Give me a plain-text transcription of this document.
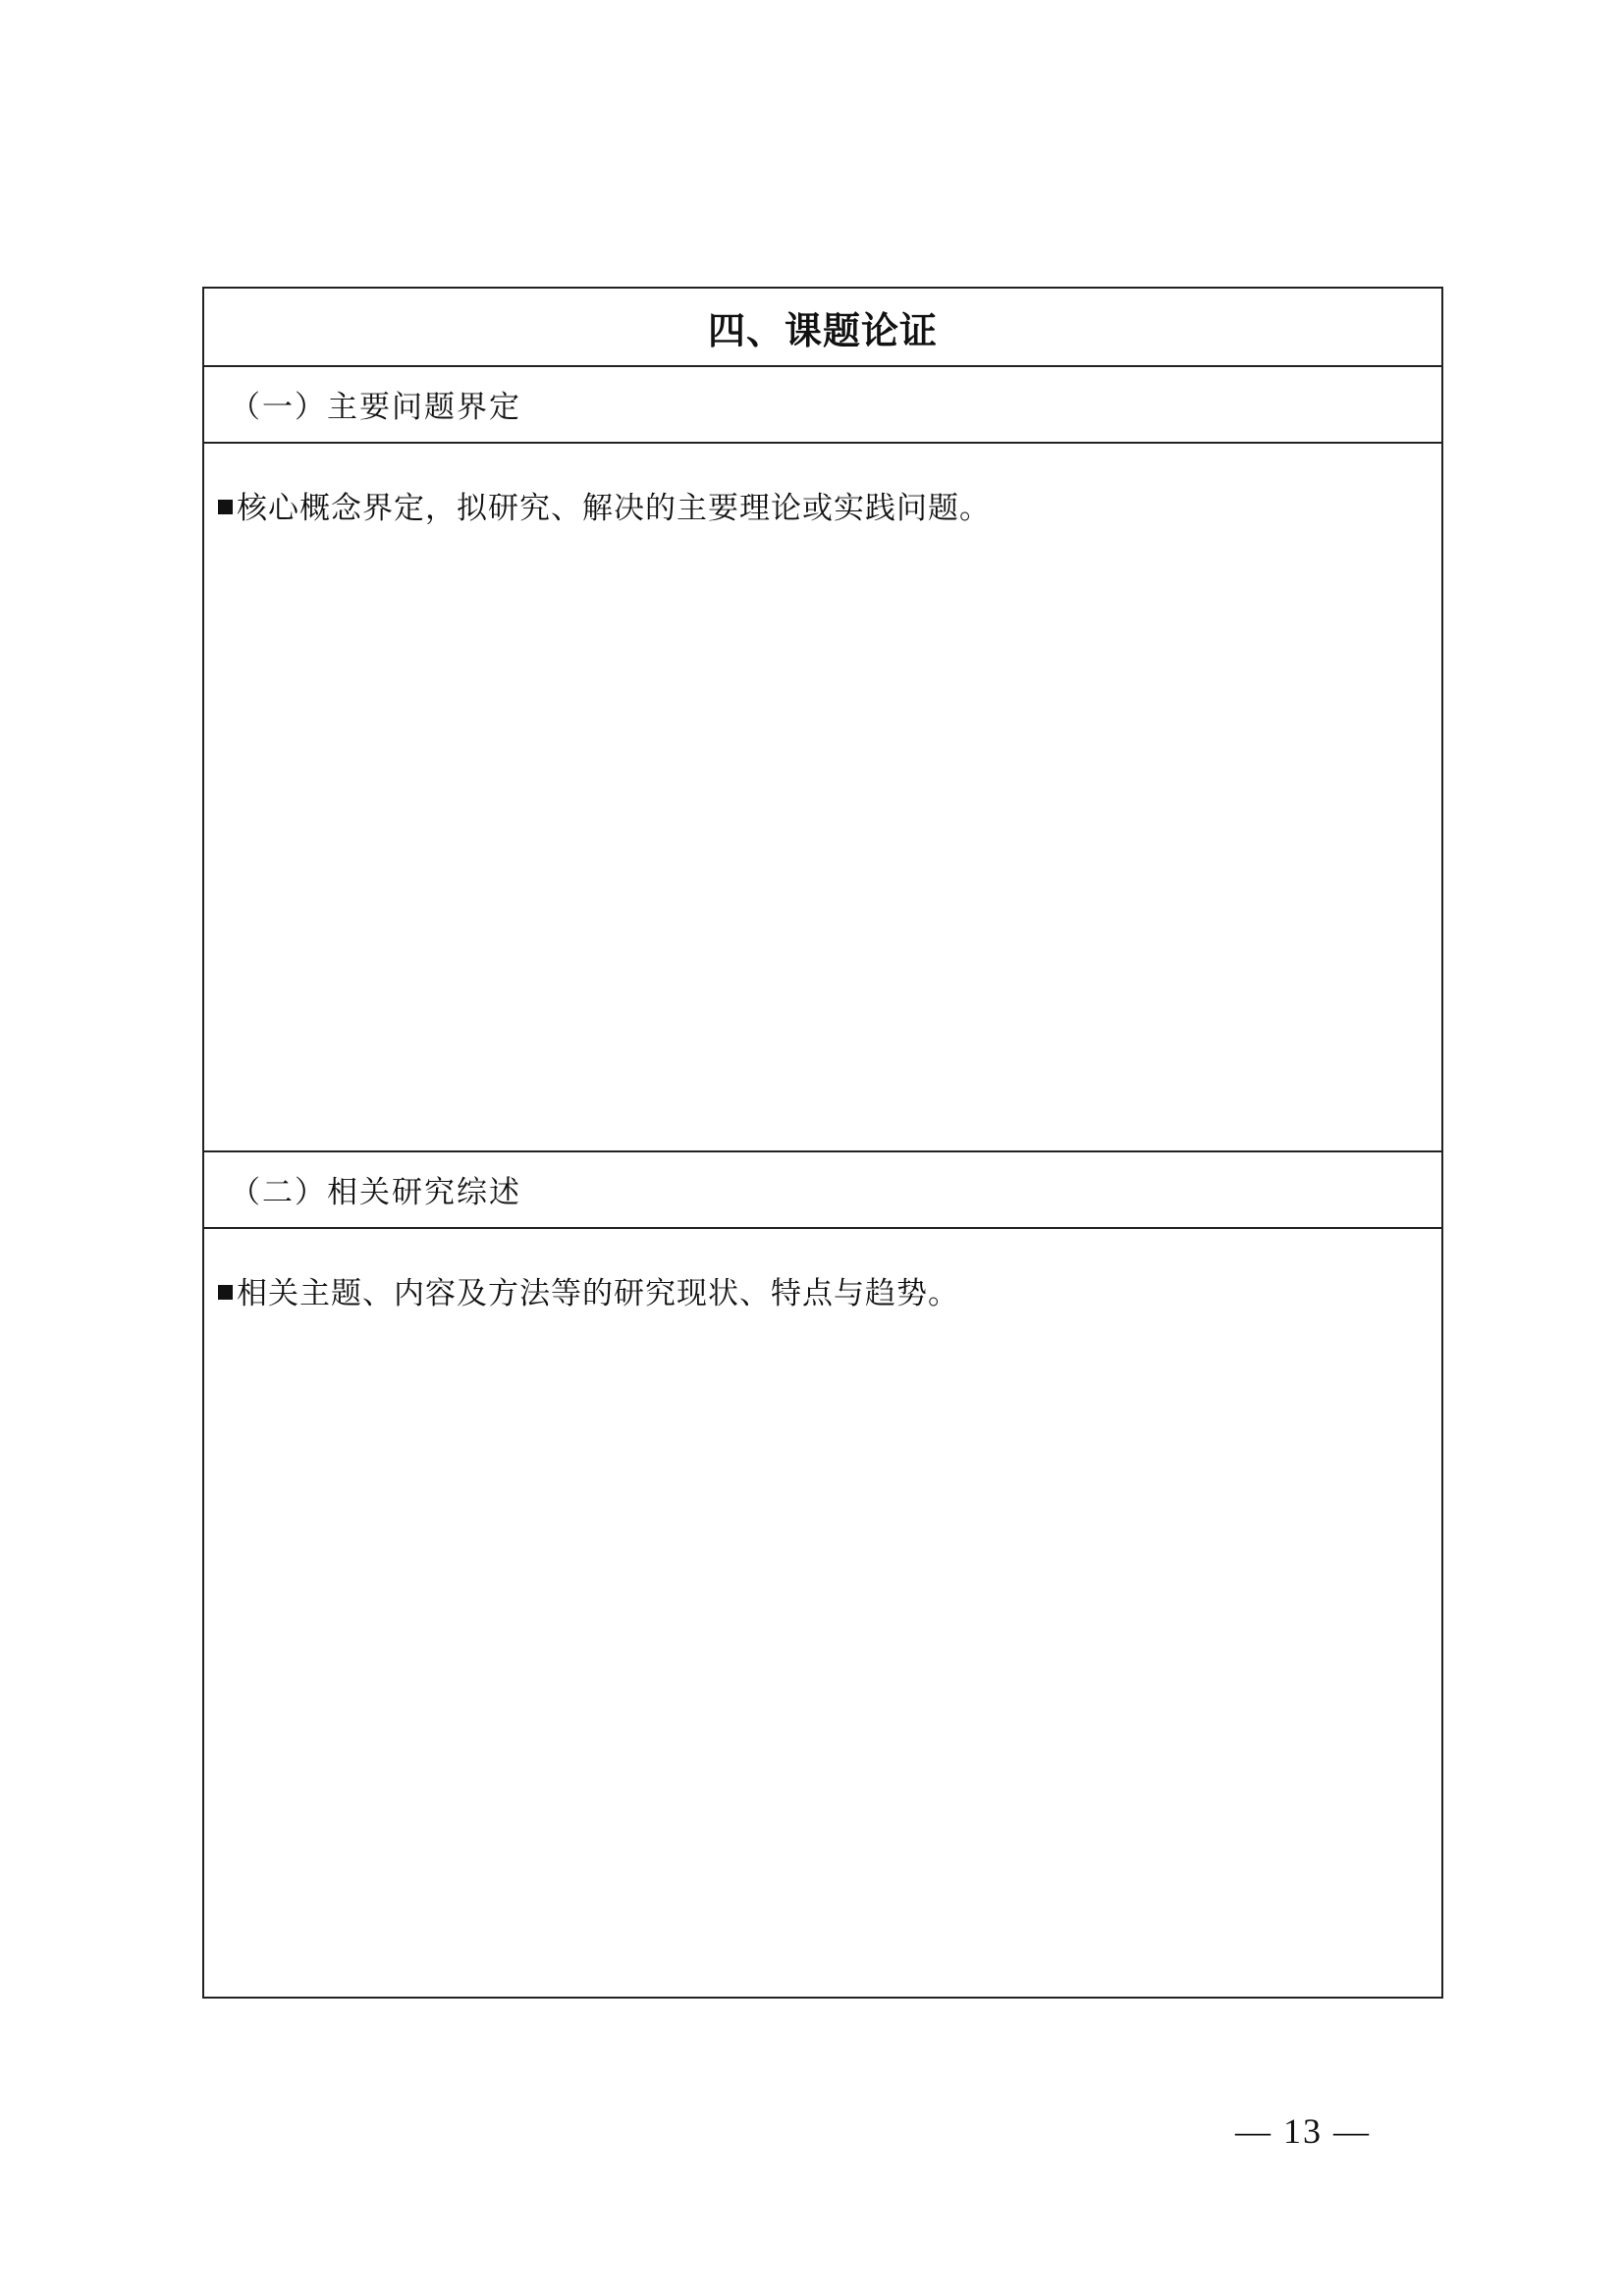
四、课题论证
（一）主要问题界定
核心概念界定，拟研究、解决的主要理论或实践问题。
（二）相关研究综述
相关主题、内容及方法等的研究现状、特点与趋势。
— 13 —
